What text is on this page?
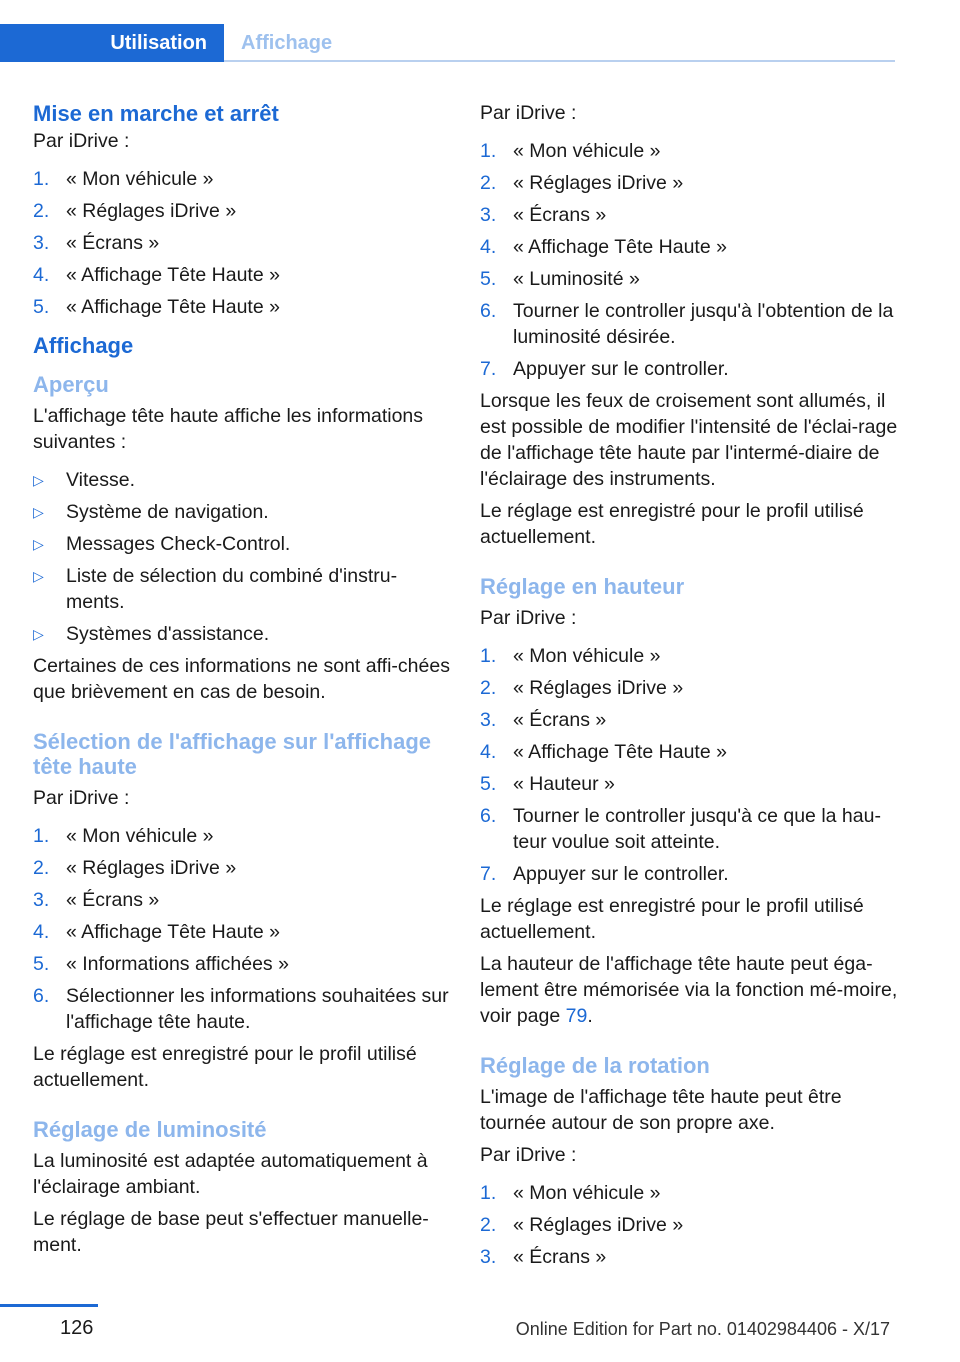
Utilisation	Affichage
Mise en marche et arrêt
Par iDrive :
1. « Mon véhicule »
2. « Réglages iDrive »
3. « Écrans »
4. « Affichage Tête Haute »
5. « Affichage Tête Haute »
Affichage
Aperçu
L'affichage tête haute affiche les informations suivantes :
▷	Vitesse.
▷	Système de navigation.
▷	Messages Check-Control.
▷	Liste de sélection du combiné d'instru-ments.
▷	Systèmes d'assistance.
Certaines de ces informations ne sont affi-chées que brièvement en cas de besoin.
Sélection de l'affichage sur l'affichage tête haute
Par iDrive :
1. « Mon véhicule »
2. « Réglages iDrive »
3. « Écrans »
4. « Affichage Tête Haute »
5. « Informations affichées »
6. Sélectionner les informations souhaitées sur l'affichage tête haute.
Le réglage est enregistré pour le profil utilisé actuellement.
Réglage de luminosité
La luminosité est adaptée automatiquement à l'éclairage ambiant.
Le réglage de base peut s'effectuer manuelle-ment.
Par iDrive :
1. « Mon véhicule »
2. « Réglages iDrive »
3. « Écrans »
4. « Affichage Tête Haute »
5. « Luminosité »
6. Tourner le controller jusqu'à l'obtention de la luminosité désirée.
7. Appuyer sur le controller.
Lorsque les feux de croisement sont allumés, il est possible de modifier l'intensité de l'éclai-rage de l'affichage tête haute par l'intermé-diaire de l'éclairage des instruments.
Le réglage est enregistré pour le profil utilisé actuellement.
Réglage en hauteur
Par iDrive :
1. « Mon véhicule »
2. « Réglages iDrive »
3. « Écrans »
4. « Affichage Tête Haute »
5. « Hauteur »
6. Tourner le controller jusqu'à ce que la hau-teur voulue soit atteinte.
7. Appuyer sur le controller.
Le réglage est enregistré pour le profil utilisé actuellement.
La hauteur de l'affichage tête haute peut éga-lement être mémorisée via la fonction mé-moire, voir page 79.
Réglage de la rotation
L'image de l'affichage tête haute peut être tournée autour de son propre axe.
Par iDrive :
1. « Mon véhicule »
2. « Réglages iDrive »
3. « Écrans »
126	Online Edition for Part no. 01402984406 - X/17
